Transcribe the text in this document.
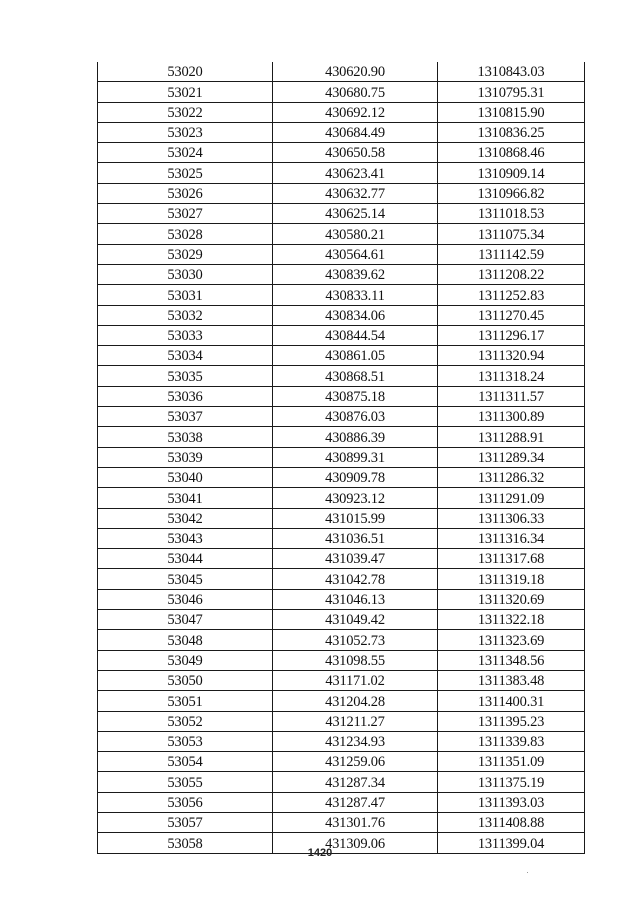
53020	430620.90	1310843.03
53021	430680.75	1310795.31
53022	430692.12	1310815.90
53023	430684.49	1310836.25
53024	430650.58	1310868.46
53025	430623.41	1310909.14
53026	430632.77	1310966.82
53027	430625.14	1311018.53
53028	430580.21	1311075.34
53029	430564.61	1311142.59
53030	430839.62	1311208.22
53031	430833.11	1311252.83
53032	430834.06	1311270.45
53033	430844.54	1311296.17
53034	430861.05	1311320.94
53035	430868.51	1311318.24
53036	430875.18	1311311.57
53037	430876.03	1311300.89
53038	430886.39	1311288.91
53039	430899.31	1311289.34
53040	430909.78	1311286.32
53041	430923.12	1311291.09
53042	431015.99	1311306.33
53043	431036.51	1311316.34
53044	431039.47	1311317.68
53045	431042.78	1311319.18
53046	431046.13	1311320.69
53047	431049.42	1311322.18
53048	431052.73	1311323.69
53049	431098.55	1311348.56
53050	431171.02	1311383.48
53051	431204.28	1311400.31
53052	431211.27	1311395.23
53053	431234.93	1311339.83
53054	431259.06	1311351.09
53055	431287.34	1311375.19
53056	431287.47	1311393.03
53057	431301.76	1311408.88
53058	431309.06	1311399.04
1420
